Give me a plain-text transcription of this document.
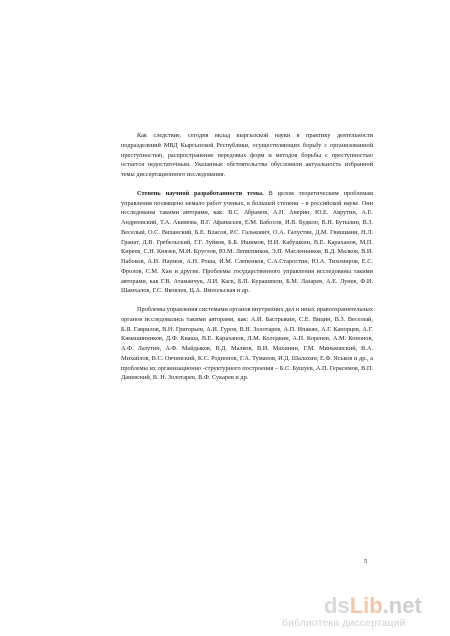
Как следствие, сегодня вклад кыргызской науки в практику деятельности подразделений МВД Кыргызской Республики, осуществляющих борьбу с организованной преступностью, распространение передовых форм и методов борьбы с преступностью остается недостаточным. Указанные обстоятельства обусловили актуальность избранной темы диссертационного исследования.

Степень научной разработанности темы. В целом теоретическим проблемам управления посвящено немало работ ученых, в большей степени – в российской науке. Они исследованы такими авторами, как: В.С. Абрамов, А.Н. Аверин, Ю.Е. Аврутин, А.Е. Андреевский, Т.А. Акимова, В.Г. Афанасьев, Е.М. Бабосов, И.В. Будило, В.Н. Бутылин, В.З. Веселый, О.С. Виханский, Б.Е. Власов, Р.С. Галькович, О.А. Галустян, Д.М. Гвишиани, Н.Л. Гранат, Д.В. Гребельский, Г.Г. Зуйков, Б.Б. Ишимов, Н.И. Кабушкин, В.Е. Караханов, М.П. Киреев, С.Н. Князев, М.И. Круглов, Ю.М. Лепилников, Э.П. Масленников, В.Д. Малков, В.И. Набоков, А.И. Наумов, А.Н. Роша, И.М. Слепенков, С.А.Старостин, Ю.А. Тихомиров, Е.С. Фролов, С.М. Хан и другие. Проблемы государственного управления исследованы такими авторами, как Г.В. Атаманчук, Л.И. Каск, Б.П. Курашвили, Б.М. Лазарев, А.Е. Лунев, Ф.И. Шамхалов, Г.С. Яковлев, Ц.А. Ямпольская и др.

Проблемы управления системами органов внутренних дел и иных правоохранительных органов исследовались такими авторами, как: А.И. Бастрыкин, С.Е. Вицин, В.З. Веселый, Б.Я. Гаврилов, В.Н. Григорьев, А.И. Гуров, В.Н. Золотарев, А.П. Ипакян, А.Г. Капорцев, А.Г. Кямашинников, Д.Ф. Кваша, В.Е. Караханов, Л.М. Колодкин, А.П. Коренев, А.М. Кононов, А.Ф. Лазутин, А.Ф. Майдыков, В.Д. Малков, В.И. Махинин, Г.М. Миньковский, В.А. Михайлов, В.С. Овчинский, К.С. Родионов, Г.А. Туманов, И.Д. Шалахин, Е.Ф. Яськов и др., а проблемы их организационно -структурного построения – Б.С. Бушуев, А.П. Герасимов, В.П. Даневский, В. Н. Золотарев, В.Ф. Сукарев и др.

5
dsLib.net
библиотека диссертаций
